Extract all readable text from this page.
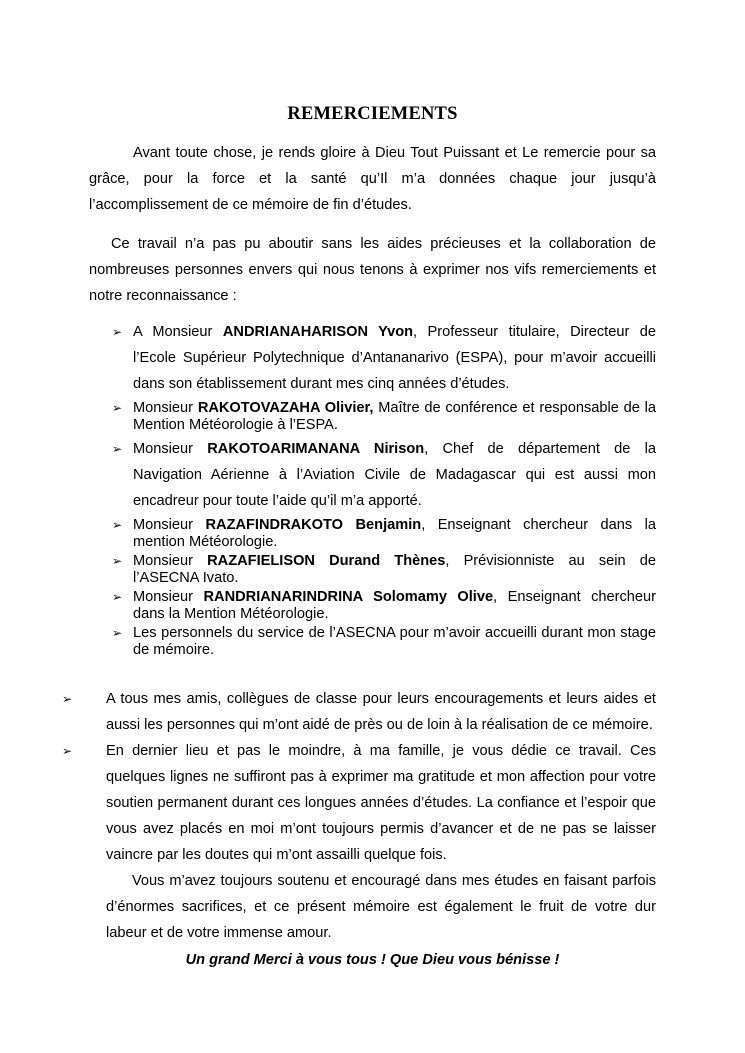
REMERCIEMENTS

Avant toute chose, je rends gloire à Dieu Tout Puissant et Le remercie pour sa grâce, pour la force et la santé qu’Il m’a données chaque jour jusqu’à l’accomplissement de ce mémoire de fin d’études.

Ce travail n’a pas pu aboutir sans les aides précieuses et la collaboration de nombreuses personnes envers qui nous tenons à exprimer nos vifs remerciements et notre reconnaissance :

➢ A Monsieur ANDRIANAHARISON Yvon, Professeur titulaire, Directeur de l’Ecole Supérieur Polytechnique d’Antananarivo (ESPA), pour m’avoir accueilli dans son établissement durant mes cinq années d’études.
➢ Monsieur RAKOTOVAZAHA Olivier, Maître de conférence et responsable de la Mention Météorologie à l’ESPA.
➢ Monsieur RAKOTOARIMANANA Nirison, Chef de département de la Navigation Aérienne à l’Aviation Civile de Madagascar qui est aussi mon encadreur pour toute l’aide qu’il m’a apporté.
➢ Monsieur RAZAFINDRAKOTO Benjamin, Enseignant chercheur dans la mention Météorologie.
➢ Monsieur RAZAFIELISON Durand Thènes, Prévisionniste au sein de l’ASECNA Ivato.
➢ Monsieur RANDRIANARINDRINA Solomamy Olive, Enseignant chercheur dans la Mention Météorologie.
➢ Les personnels du service de l’ASECNA pour m’avoir accueilli durant mon stage de mémoire.
➢ A tous mes amis, collègues de classe pour leurs encouragements et leurs aides et aussi les personnes qui m’ont aidé de près ou de loin à la réalisation de ce mémoire.

➢ En dernier lieu et pas le moindre, à ma famille, je vous dédie ce travail. Ces quelques lignes ne suffiront pas à exprimer ma gratitude et mon affection pour votre soutien permanent durant ces longues années d’études. La confiance et l’espoir que vous avez placés en moi m’ont toujours permis d’avancer et de ne pas se laisser vaincre par les doutes qui m’ont assailli quelque fois.

Vous m’avez toujours soutenu et encouragé dans mes études en faisant parfois d’énormes sacrifices, et ce présent mémoire est également le fruit de votre dur labeur et de votre immense amour.

Un grand Merci à vous tous ! Que Dieu vous bénisse !
